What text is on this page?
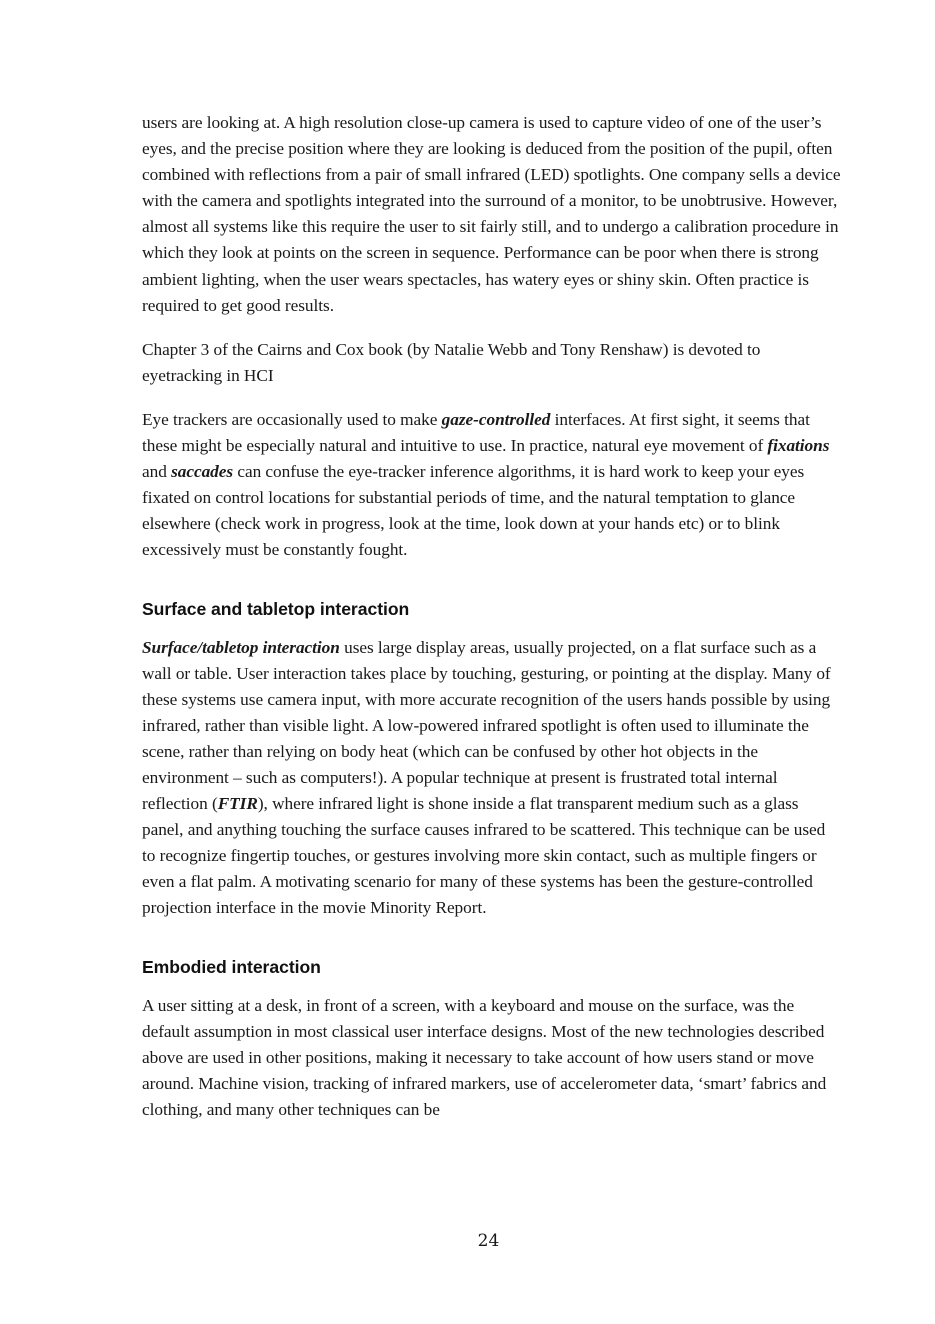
users are looking at. A high resolution close-up camera is used to capture video of one of the user’s eyes, and the precise position where they are looking is deduced from the position of the pupil, often combined with reflections from a pair of small infrared (LED) spotlights. One company sells a device with the camera and spotlights integrated into the surround of a monitor, to be unobtrusive. However, almost all systems like this require the user to sit fairly still, and to undergo a calibration procedure in which they look at points on the screen in sequence. Performance can be poor when there is strong ambient lighting, when the user wears spectacles, has watery eyes or shiny skin. Often practice is required to get good results.

Chapter 3 of the Cairns and Cox book (by Natalie Webb and Tony Renshaw) is devoted to eyetracking in HCI

Eye trackers are occasionally used to make gaze-controlled interfaces. At first sight, it seems that these might be especially natural and intuitive to use. In practice, natural eye movement of fixations and saccades can confuse the eye-tracker inference algorithms, it is hard work to keep your eyes fixated on control locations for substantial periods of time, and the natural temptation to glance elsewhere (check work in progress, look at the time, look down at your hands etc) or to blink excessively must be constantly fought.

Surface and tabletop interaction

Surface/tabletop interaction uses large display areas, usually projected, on a flat surface such as a wall or table. User interaction takes place by touching, gesturing, or pointing at the display. Many of these systems use camera input, with more accurate recognition of the users hands possible by using infrared, rather than visible light. A low-powered infrared spotlight is often used to illuminate the scene, rather than relying on body heat (which can be confused by other hot objects in the environment – such as computers!). A popular technique at present is frustrated total internal reflection (FTIR), where infrared light is shone inside a flat transparent medium such as a glass panel, and anything touching the surface causes infrared to be scattered. This technique can be used to recognize fingertip touches, or gestures involving more skin contact, such as multiple fingers or even a flat palm. A motivating scenario for many of these systems has been the gesture-controlled projection interface in the movie Minority Report.

Embodied interaction

A user sitting at a desk, in front of a screen, with a keyboard and mouse on the surface, was the default assumption in most classical user interface designs. Most of the new technologies described above are used in other positions, making it necessary to take account of how users stand or move around. Machine vision, tracking of infrared markers, use of accelerometer data, ‘smart’ fabrics and clothing, and many other techniques can be

24
